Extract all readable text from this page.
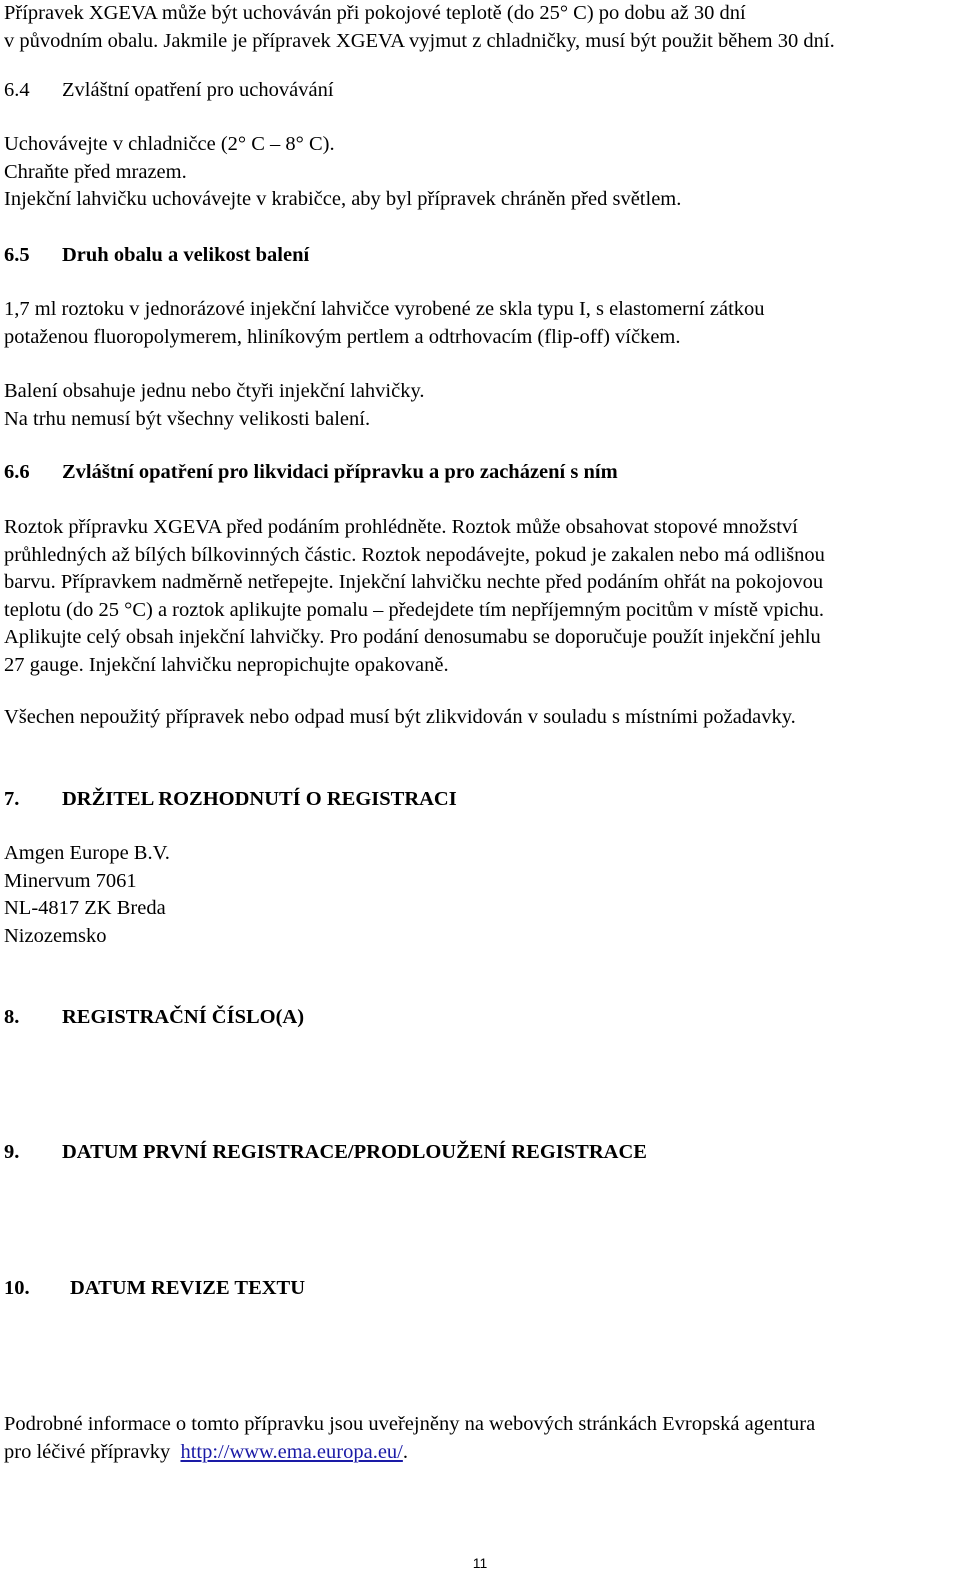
Přípravek XGEVA může být uchováván při pokojové teplotě (do 25° C) po dobu až 30 dní
v původním obalu. Jakmile je přípravek XGEVA vyjmut z chladničky, musí být použit během 30 dní.
6.4 Zvláštní opatření pro uchovávání
Uchovávejte v chladničce (2° C – 8° C).
Chraňte před mrazem.
Injekční lahvičku uchovávejte v krabičce, aby byl přípravek chráněn před světlem.
6.5 Druh obalu a velikost balení
1,7 ml roztoku v jednorázové injekční lahvičce vyrobené ze skla typu I, s elastomerní zátkou
potaženou fluoropolymerem, hliníkovým pertlem a odtrhovacím (flip-off) víčkem.
Balení obsahuje jednu nebo čtyři injekční lahvičky.
Na trhu nemusí být všechny velikosti balení.
6.6 Zvláštní opatření pro likvidaci přípravku a pro zacházení s ním
Roztok přípravku XGEVA před podáním prohlédněte. Roztok může obsahovat stopové množství
průhledných až bílých bílkovinných částic. Roztok nepodávejte, pokud je zakalen nebo má odlišnou
barvu. Přípravkem nadměrně netřepejte. Injekční lahvičku nechte před podáním ohřát na pokojovou
teplotu (do 25 °C) a roztok aplikujte pomalu – předejdete tím nepříjemným pocitům v místě vpichu.
Aplikujte celý obsah injekční lahvičky. Pro podání denosumabu se doporučuje použít injekční jehlu
27 gauge. Injekční lahvičku nepropichujte opakovaně.
Všechen nepoužitý přípravek nebo odpad musí být zlikvidován v souladu s místními požadavky.
7. DRŽITEL ROZHODNUTÍ O REGISTRACI
Amgen Europe B.V.
Minervum 7061
NL-4817 ZK Breda
Nizozemsko
8. REGISTRAČNÍ ČÍSLO(A)
9. DATUM PRVNÍ REGISTRACE/PRODLOUŽENÍ REGISTRACE
10. DATUM REVIZE TEXTU
Podrobné informace o tomto přípravku jsou uveřejněny na webových stránkách Evropská agentura
pro léčivé přípravky http://www.ema.europa.eu/.
11
